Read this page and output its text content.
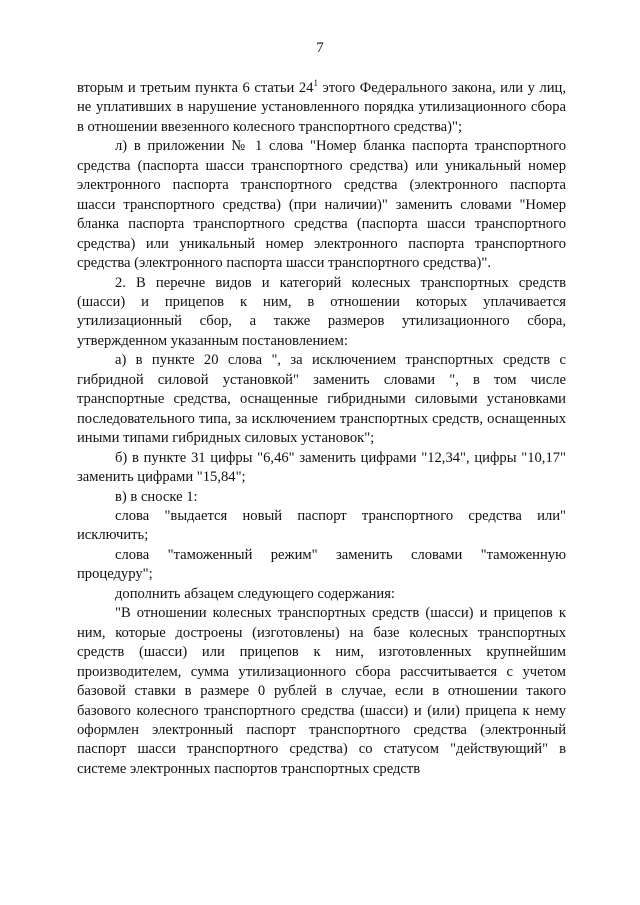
7

вторым и третьим пункта 6 статьи $24^1$ этого Федерального закона, или у лиц, не уплативших в нарушение установленного порядка утилизационного сбора в отношении ввезенного колесного транспортного средства)";

л) в приложении № 1 слова "Номер бланка паспорта транспортного средства (паспорта шасси транспортного средства) или уникальный номер электронного паспорта транспортного средства (электронного паспорта шасси транспортного средства) (при наличии)" заменить словами "Номер бланка паспорта транспортного средства (паспорта шасси транспортного средства) или уникальный номер электронного паспорта транспортного средства (электронного паспорта шасси транспортного средства)".

2. В перечне видов и категорий колесных транспортных средств (шасси) и прицепов к ним, в отношении которых уплачивается утилизационный сбор, а также размеров утилизационного сбора, утвержденном указанным постановлением:

а) в пункте 20 слова ", за исключением транспортных средств с гибридной силовой установкой" заменить словами ", в том числе транспортные средства, оснащенные гибридными силовыми установками последовательного типа, за исключением транспортных средств, оснащенных иными типами гибридных силовых установок";

б) в пункте 31 цифры "6,46" заменить цифрами "12,34", цифры "10,17" заменить цифрами "15,84";

в) в сноске 1:

слова "выдается новый паспорт транспортного средства или" исключить;

слова "таможенный режим" заменить словами "таможенную процедуру";

дополнить абзацем следующего содержания:

"В отношении колесных транспортных средств (шасси) и прицепов к ним, которые достроены (изготовлены) на базе колесных транспортных средств (шасси) или прицепов к ним, изготовленных крупнейшим производителем, сумма утилизационного сбора рассчитывается с учетом базовой ставки в размере 0 рублей в случае, если в отношении такого базового колесного транспортного средства (шасси) и (или) прицепа к нему оформлен электронный паспорт транспортного средства (электронный паспорт шасси транспортного средства) со статусом "действующий" в системе электронных паспортов транспортных средств
